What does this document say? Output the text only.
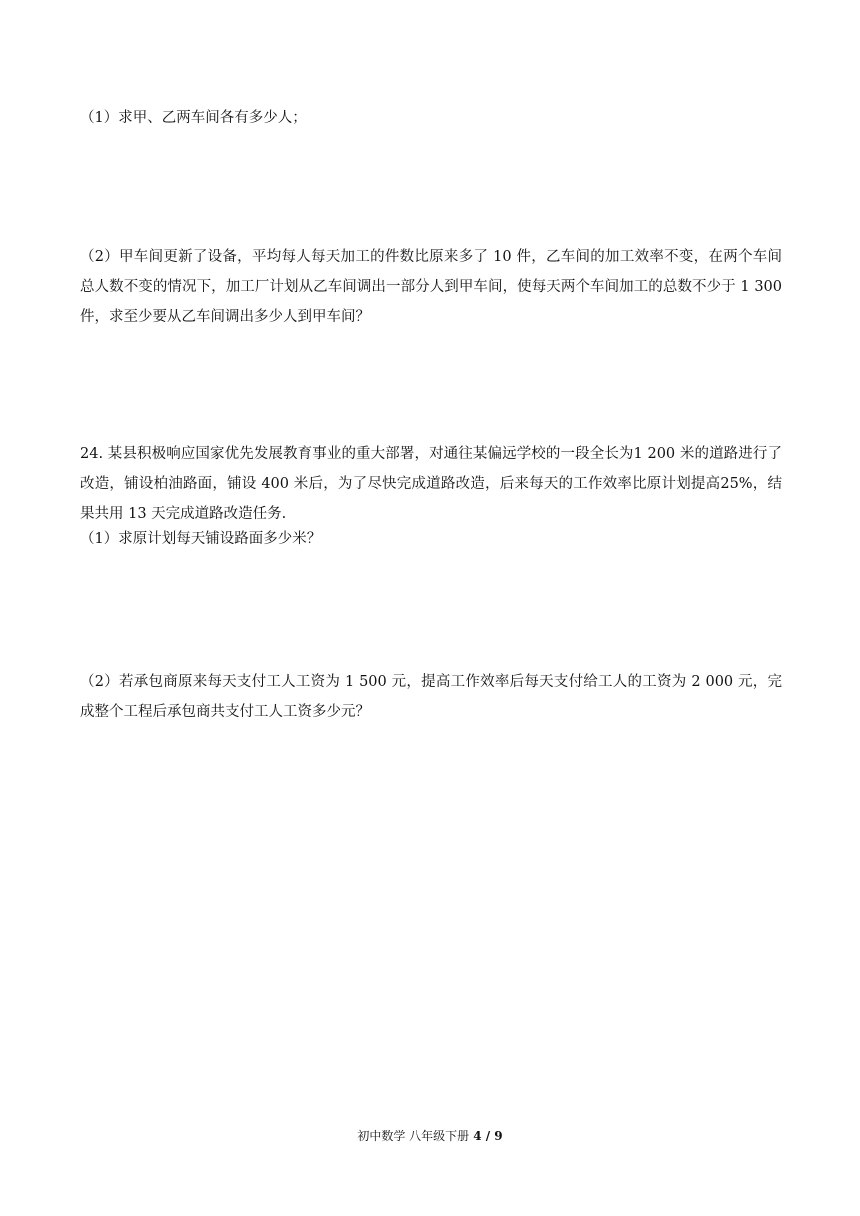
（1）求甲、乙两车间各有多少人；

（2）甲车间更新了设备，平均每人每天加工的件数比原来多了 10 件，乙车间的加工效率不变，在两个车间总人数不变的情况下，加工厂计划从乙车间调出一部分人到甲车间，使每天两个车间加工的总数不少于 1 300 件，求至少要从乙车间调出多少人到甲车间？

24. 某县积极响应国家优先发展教育事业的重大部署，对通往某偏远学校的一段全长为1 200 米的道路进行了改造，铺设柏油路面，铺设 400 米后，为了尽快完成道路改造，后来每天的工作效率比原计划提高25%，结果共用 13 天完成道路改造任务.

（1）求原计划每天铺设路面多少米？

（2）若承包商原来每天支付工人工资为 1 500 元，提高工作效率后每天支付给工人的工资为 2 000 元，完成整个工程后承包商共支付工人工资多少元？

初中数学 八年级下册 4 / 9
